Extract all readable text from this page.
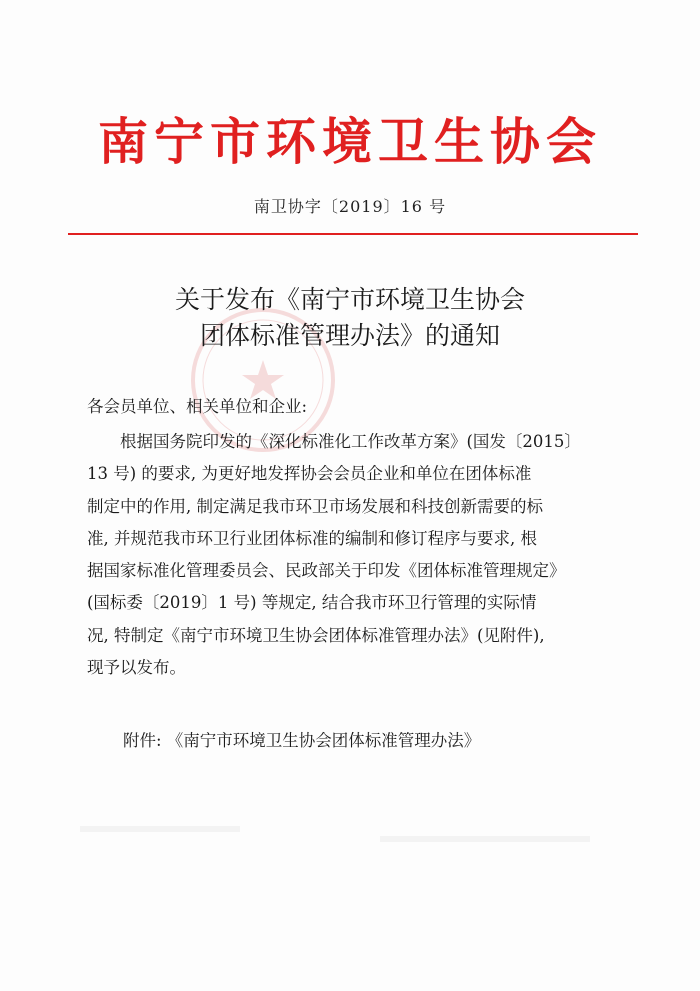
南宁市环境卫生协会
南卫协字〔2019〕16 号
关于发布《南宁市环境卫生协会
团体标准管理办法》的通知
各会员单位、相关单位和企业:
根据国务院印发的《深化标准化工作改革方案》(国发〔2015〕
13 号) 的要求, 为更好地发挥协会会员企业和单位在团体标准
制定中的作用, 制定满足我市环卫市场发展和科技创新需要的标
准, 并规范我市环卫行业团体标准的编制和修订程序与要求, 根
据国家标准化管理委员会、民政部关于印发《团体标准管理规定》
(国标委〔2019〕1 号) 等规定, 结合我市环卫行管理的实际情
况, 特制定《南宁市环境卫生协会团体标准管理办法》(见附件),
现予以发布。
附件: 《南宁市环境卫生协会团体标准管理办法》
